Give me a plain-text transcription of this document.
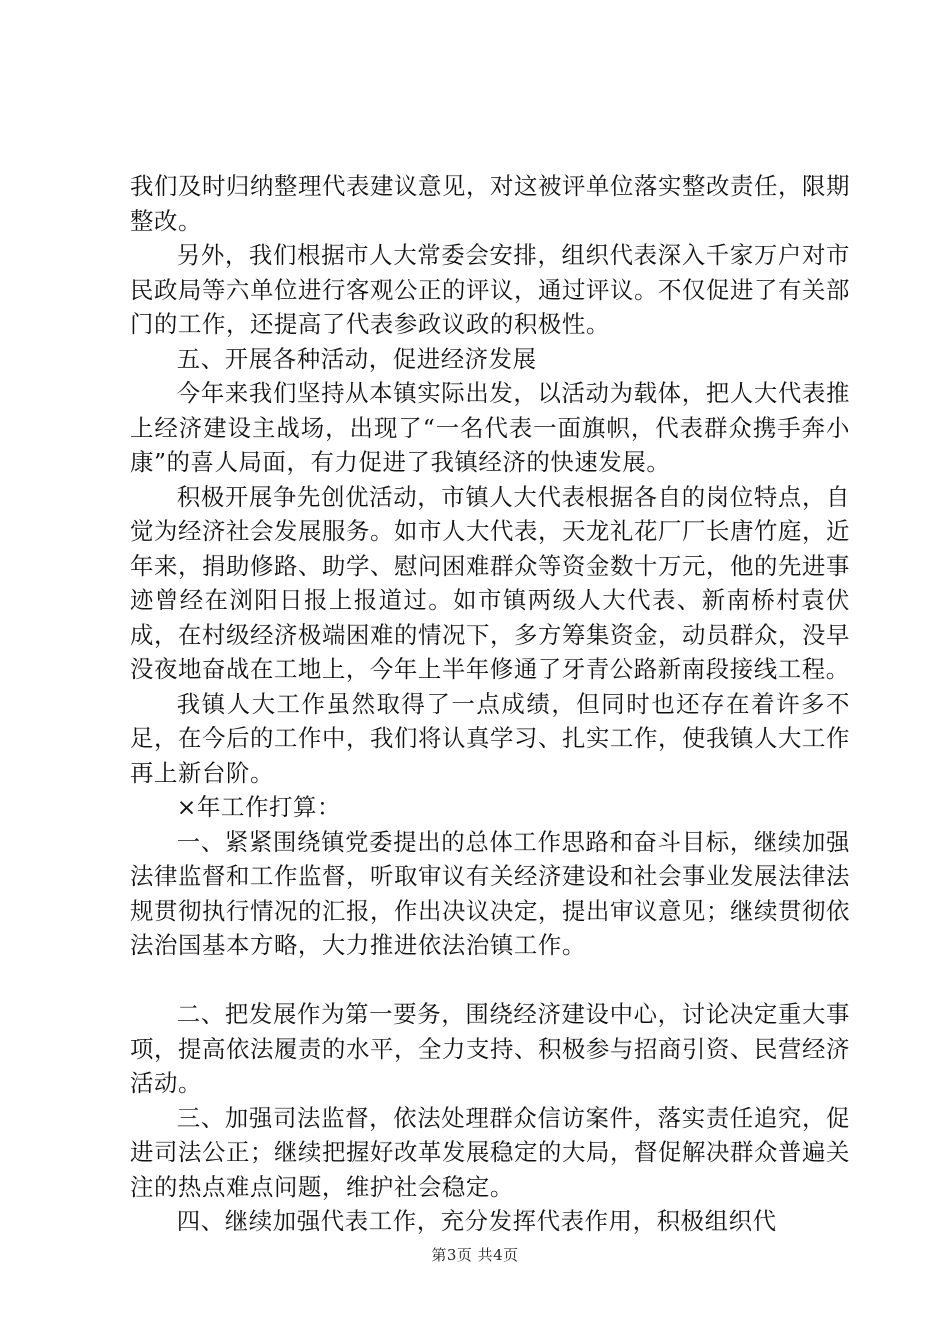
我们及时归纳整理代表建议意见，对这被评单位落实整改责任，限期整改。

另外，我们根据市人大常委会安排，组织代表深入千家万户对市民政局等六单位进行客观公正的评议，通过评议。不仅促进了有关部门的工作，还提高了代表参政议政的积极性。

五、开展各种活动，促进经济发展

今年来我们坚持从本镇实际出发，以活动为载体，把人大代表推上经济建设主战场，出现了“一名代表一面旗帜，代表群众携手奔小康”的喜人局面，有力促进了我镇经济的快速发展。

积极开展争先创优活动，市镇人大代表根据各自的岗位特点，自觉为经济社会发展服务。如市人大代表，天龙礼花厂厂长唐竹庭，近年来，捐助修路、助学、慰问困难群众等资金数十万元，他的先进事迹曾经在浏阳日报上报道过。如市镇两级人大代表、新南桥村袁伏成，在村级经济极端困难的情况下，多方筹集资金，动员群众，没早没夜地奋战在工地上，今年上半年修通了牙青公路新南段接线工程。

我镇人大工作虽然取得了一点成绩，但同时也还存在着许多不足，在今后的工作中，我们将认真学习、扎实工作，使我镇人大工作再上新台阶。

×年工作打算：

一、紧紧围绕镇党委提出的总体工作思路和奋斗目标，继续加强法律监督和工作监督，听取审议有关经济建设和社会事业发展法律法规贯彻执行情况的汇报，作出决议决定，提出审议意见；继续贯彻依法治国基本方略，大力推进依法治镇工作。

二、把发展作为第一要务，围绕经济建设中心，讨论决定重大事项，提高依法履责的水平，全力支持、积极参与招商引资、民营经济活动。

三、加强司法监督，依法处理群众信访案件，落实责任追究，促进司法公正；继续把握好改革发展稳定的大局，督促解决群众普遍关注的热点难点问题，维护社会稳定。

四、继续加强代表工作，充分发挥代表作用，积极组织代

第3页 共4页
